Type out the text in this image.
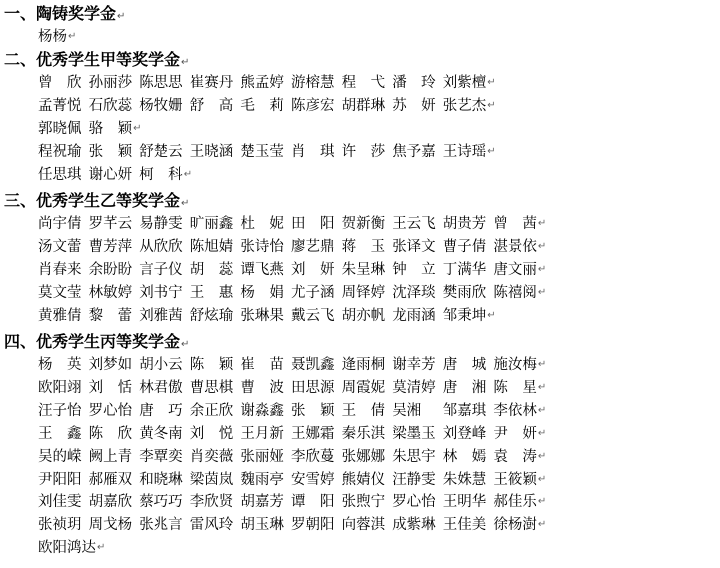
一、陶铸奖学金↵
杨杨 ↵
二、优秀学生甲等奖学金↵
曾　欣 孙丽莎 陈思思 崔赛丹 熊孟婷 游榕慧 程　弋 潘　玲 刘紫檀 ↵
孟菁悦 石欣蕊 杨牧姗 舒　高 毛　莉 陈彦宏 胡群琳 苏　妍 张艺杰 ↵
郭晓佩 骆　颖 ↵
程祝瑜 张　颖 舒楚云 王晓涵 楚玉莹 肖　琪 许　莎 焦予嘉 王诗瑶 ↵
任思琪 谢心妍 柯　科 ↵
三、优秀学生乙等奖学金↵
尚宇倩 罗芊云 易静雯 旷丽鑫 杜　妮 田　阳 贺新衡 王云飞 胡贵芳 曾　茜 ↵
汤文蕾 曹芳萍 从欣欣 陈旭婧 张诗怡 廖艺鼎 蒋　玉 张译文 曹子倩 湛景依 ↵
肖春来 余盼盼 言子仪 胡　蕊 谭飞燕 刘　妍 朱呈琳 钟　立 丁满华 唐文丽 ↵
莫文莹 林敏婷 刘书宁 王　惠 杨　娟 尤子涵 周铎婷 沈泽琰 樊雨欣 陈禧阅 ↵
黄雅倩 黎　蕾 刘雅茜 舒炫瑜 张琳果 戴云飞 胡亦帆 龙雨涵 邹秉坤 ↵
四、优秀学生丙等奖学金↵
杨　英 刘梦如 胡小云 陈　颖 崔　苗 聂凯鑫 逄雨桐 谢幸芳 唐　城 施汝梅 ↵
欧阳翊 刘　恬 林君傲 曹思棋 曹　波 田思源 周霞妮 莫清婷 唐　湘 陈　星 ↵
汪子怡 罗心怡 唐　巧 余正欣 谢淼鑫 张　颖 王　倩 吴湘 邹嘉琪 李依林 ↵
王　鑫 陈　欣 黄冬南 刘　悦 王月新 王娜霜 秦乐淇 梁墨玉 刘登峰 尹　妍 ↵
吴的嵘 阙上青 李覃奕 肖奕薇 张丽娅 李欣蔓 张娜娜 朱思宇 林　嫣 袁　涛 ↵
尹阳阳 郝雁双 和晓琳 梁茵岚 魏雨亭 安雪婷 熊婧仪 汪静雯 朱姝慧 王筱颖 ↵
刘佳雯 胡嘉欣 蔡巧巧 李欣贤 胡嘉芳 谭　阳 张煦宁 罗心怡 王明华 郝佳乐 ↵
张祯玥 周戈杨 张兆言 雷风玲 胡玉琳 罗朝阳 向蓉淇 成紫琳 王佳美 徐杨澍 ↵
欧阳鸿达 ↵
